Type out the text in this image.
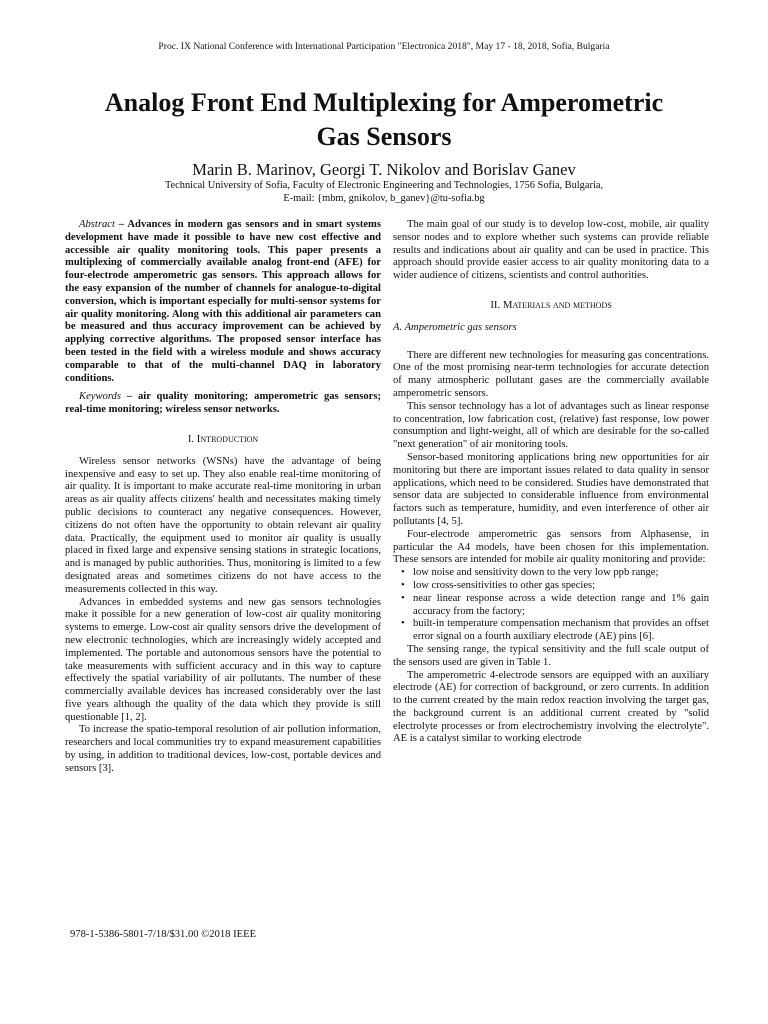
Proc. IX National Conference with International Participation "Electronica 2018", May 17 - 18, 2018, Sofia, Bulgaria
Analog Front End Multiplexing for Amperometric
Gas Sensors
Marin B. Marinov, Georgi T. Nikolov and Borislav Ganev
Technical University of Sofia, Faculty of Electronic Engineering and Technologies, 1756 Sofia, Bulgaria,
E-mail: {mbm, gnikolov, b_ganev}@tu-sofia.bg

Abstract – Advances in modern gas sensors and in smart systems development have made it possible to have new cost effective and accessible air quality monitoring tools. This paper presents a multiplexing of commercially available analog front-end (AFE) for four-electrode amperometric gas sensors. This approach allows for the easy expansion of the number of channels for analogue-to-digital conversion, which is important especially for multi-sensor systems for air quality monitoring. Along with this additional air parameters can be measured and thus accuracy improvement can be achieved by applying corrective algorithms. The proposed sensor interface has been tested in the field with a wireless module and shows accuracy comparable to that of the multi-channel DAQ in laboratory conditions.

Keywords – air quality monitoring; amperometric gas sensors; real-time monitoring; wireless sensor networks.

I. Introduction

Wireless sensor networks (WSNs) have the advantage of being inexpensive and easy to set up. They also enable real-time monitoring of air quality. It is important to make accurate real-time monitoring in urban areas as air quality affects citizens' health and necessitates making timely public decisions to counteract any negative consequences. However, citizens do not often have the opportunity to obtain relevant air quality data. Practically, the equipment used to monitor air quality is usually placed in fixed large and expensive sensing stations in strategic locations, and is managed by public authorities. Thus, monitoring is limited to a few designated areas and sometimes citizens do not have access to the measurements collected in this way.

Advances in embedded systems and new gas sensors technologies make it possible for a new generation of low-cost air quality monitoring systems to emerge. Low-cost air quality sensors drive the development of new electronic technologies, which are increasingly widely accepted and implemented. The portable and autonomous sensors have the potential to take measurements with sufficient accuracy and in this way to capture effectively the spatial variability of air pollutants. The number of these commercially available devices has increased considerably over the last five years although the quality of the data which they provide is still questionable [1, 2].

To increase the spatio-temporal resolution of air pollution information, researchers and local communities try to expand measurement capabilities by using, in addition to traditional devices, low-cost, portable devices and sensors [3].

The main goal of our study is to develop low-cost, mobile, air quality sensor nodes and to explore whether such systems can provide reliable results and indications about air quality and can be used in practice. This approach should provide easier access to air quality monitoring data to a wider audience of citizens, scientists and control authorities.

II. Materials and methods

A. Amperometric gas sensors

There are different new technologies for measuring gas concentrations. One of the most promising near-term technologies for accurate detection of many atmospheric pollutant gases are the commercially available amperometric sensors.

This sensor technology has a lot of advantages such as linear response to concentration, low fabrication cost, (relative) fast response, low power consumption and light-weight, all of which are desirable for the so-called "next generation" of air monitoring tools.

Sensor-based monitoring applications bring new opportunities for air monitoring but there are important issues related to data quality in sensor applications, which need to be considered. Studies have demonstrated that sensor data are subjected to considerable influence from environmental factors such as temperature, humidity, and even interference of other air pollutants [4, 5].

Four-electrode amperometric gas sensors from Alphasense, in particular the A4 models, have been chosen for this implementation. These sensors are intended for mobile air quality monitoring and provide:

• low noise and sensitivity down to the very low ppb range;
• low cross-sensitivities to other gas species;
• near linear response across a wide detection range and 1% gain accuracy from the factory;
• built-in temperature compensation mechanism that provides an offset error signal on a fourth auxiliary electrode (AE) pins [6].

The sensing range, the typical sensitivity and the full scale output of the sensors used are given in Table 1.

The amperometric 4-electrode sensors are equipped with an auxiliary electrode (AE) for correction of background, or zero currents. In addition to the current created by the main redox reaction involving the target gas, the background current is an additional current created by "solid electrolyte processes or from electrochemistry involving the electrolyte". AE is a catalyst similar to working electrode

978-1-5386-5801-7/18/$31.00 ©2018 IEEE
